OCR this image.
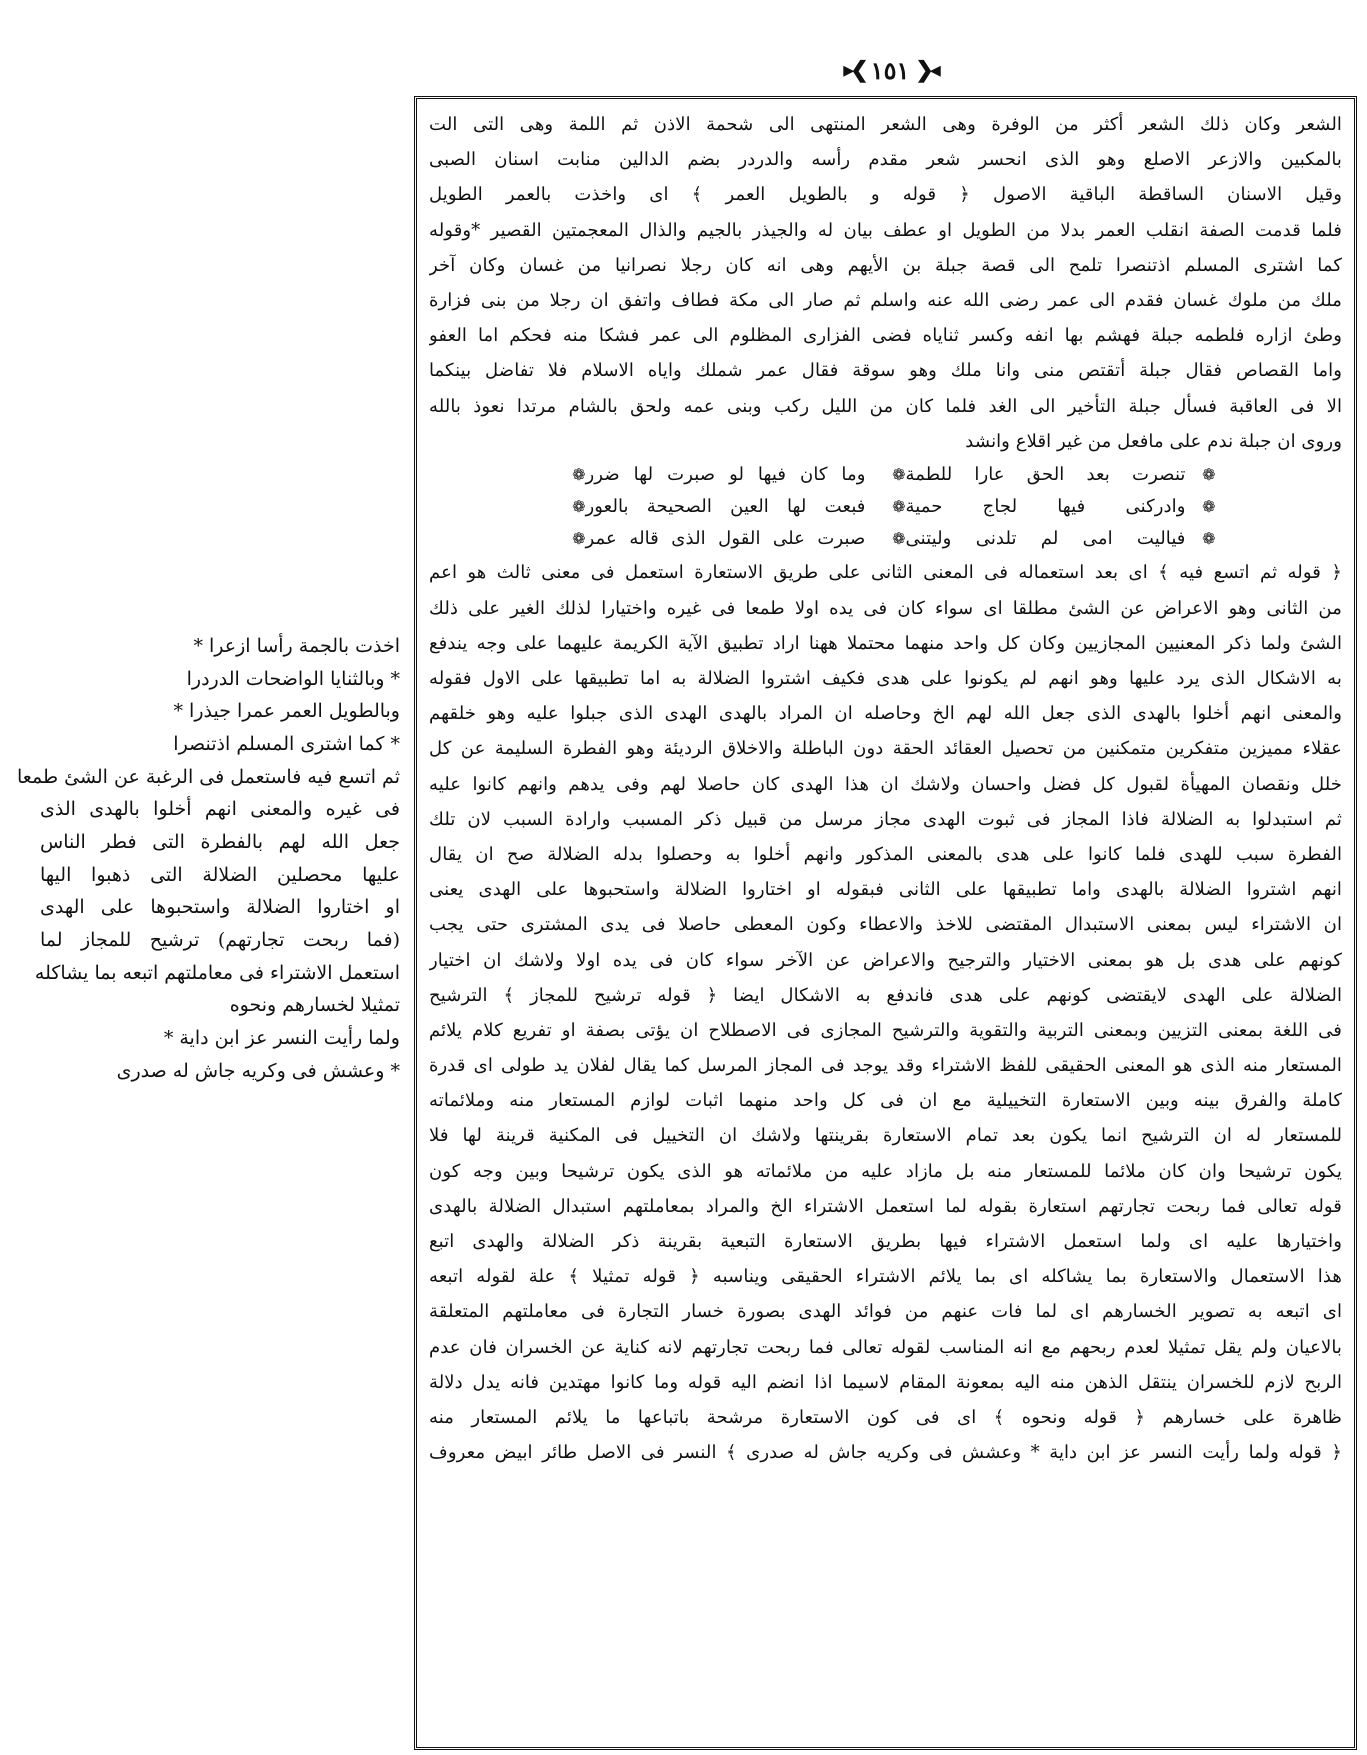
◂❮
١٥١
❯▸
الشعر وكان ذلك الشعر أكثر من الوفرة وهى الشعر المنتهى الى شحمة الاذن ثم اللمة وهى التى الت
بالمكبين والازعر الاصلع وهو الذى انحسر شعر مقدم رأسه والدردر بضم الدالين منابت اسنان الصبى
وقيل الاسنان الساقطة الباقية الاصول ﴿ قوله و بالطويل العمر ﴾ اى واخذت بالعمر الطويل
فلما قدمت الصفة انقلب العمر بدلا من الطويل او عطف بيان له والجيذر بالجيم والذال المعجمتين القصير *وقوله
كما اشترى المسلم اذتنصرا تلمح الى قصة جبلة بن الأيهم وهى انه كان رجلا نصرانيا من غسان وكان آخر
ملك من ملوك غسان فقدم الى عمر رضى الله عنه واسلم ثم صار الى مكة فطاف واتفق ان رجلا من بنى فزارة
وطئ ازاره فلطمه جبلة فهشم بها انفه وكسر ثناياه فضى الفزارى المظلوم الى عمر فشكا منه فحكم اما العفو
واما القصاص فقال جبلة أتقتص منى وانا ملك وهو سوقة فقال عمر شملك واياه الاسلام فلا تفاضل بينكما
الا فى العاقبة فسأل جبلة التأخير الى الغد فلما كان من الليل ركب وبنى عمه ولحق بالشام مرتدا نعوذ بالله
وروى ان جبلة ندم على مافعل من غير اقلاع وانشد
❁
تنصرت بعد الحق عارا للطمة
❁
وما كان فيها لو صبرت لها ضرر
❁
❁
وادركنى فيها لجاج حمية
❁
فبعت لها العين الصحيحة بالعور
❁
❁
فياليت امى لم تلدنى وليتنى
❁
صبرت على القول الذى قاله عمر
❁
﴿ قوله ثم اتسع فيه ﴾ اى بعد استعماله فى المعنى الثانى على طريق الاستعارة استعمل فى معنى ثالث هو اعم
من الثانى وهو الاعراض عن الشئ مطلقا اى سواء كان فى يده اولا طمعا فى غيره واختيارا لذلك الغير على ذلك
الشئ ولما ذكر المعنيين المجازيين وكان كل واحد منهما محتملا ههنا اراد تطبيق الآية الكريمة عليهما على وجه يندفع
به الاشكال الذى يرد عليها وهو انهم لم يكونوا على هدى فكيف اشتروا الضلالة به اما تطبيقها على الاول فقوله
والمعنى انهم أخلوا بالهدى الذى جعل الله لهم الخ وحاصله ان المراد بالهدى الهدى الذى جبلوا عليه وهو خلقهم
عقلاء مميزين متفكرين متمكنين من تحصيل العقائد الحقة دون الباطلة والاخلاق الرديئة وهو الفطرة السليمة عن كل
خلل ونقصان المهيأة لقبول كل فضل واحسان ولاشك ان هذا الهدى كان حاصلا لهم وفى يدهم وانهم كانوا عليه
ثم استبدلوا به الضلالة فاذا المجاز فى ثبوت الهدى مجاز مرسل من قبيل ذكر المسبب وارادة السبب لان تلك
الفطرة سبب للهدى فلما كانوا على هدى بالمعنى المذكور وانهم أخلوا به وحصلوا بدله الضلالة صح ان يقال
انهم اشتروا الضلالة بالهدى واما تطبيقها على الثانى فبقوله او اختاروا الضلالة واستحبوها على الهدى يعنى
ان الاشتراء ليس بمعنى الاستبدال المقتضى للاخذ والاعطاء وكون المعطى حاصلا فى يدى المشترى حتى يجب
كونهم على هدى بل هو بمعنى الاختيار والترجيح والاعراض عن الآخر سواء كان فى يده اولا ولاشك ان اختيار
الضلالة على الهدى لايقتضى كونهم على هدى فاندفع به الاشكال ايضا ﴿ قوله ترشيح للمجاز ﴾ الترشيح
فى اللغة بمعنى التزيين وبمعنى التربية والتقوية والترشيح المجازى فى الاصطلاح ان يؤتى بصفة او تفريع كلام يلائم
المستعار منه الذى هو المعنى الحقيقى للفظ الاشتراء وقد يوجد فى المجاز المرسل كما يقال لفلان يد طولى اى قدرة
كاملة والفرق بينه وبين الاستعارة التخييلية مع ان فى كل واحد منهما اثبات لوازم المستعار منه وملائماته
للمستعار له ان الترشيح انما يكون بعد تمام الاستعارة بقرينتها ولاشك ان التخييل فى المكنية قرينة لها فلا
يكون ترشيحا وان كان ملائما للمستعار منه بل مازاد عليه من ملائماته هو الذى يكون ترشيحا وبين وجه كون
قوله تعالى فما ربحت تجارتهم استعارة بقوله لما استعمل الاشتراء الخ والمراد بمعاملتهم استبدال الضلالة بالهدى
واختيارها عليه اى ولما استعمل الاشتراء فيها بطريق الاستعارة التبعية بقرينة ذكر الضلالة والهدى اتبع
هذا الاستعمال والاستعارة بما يشاكله اى بما يلائم الاشتراء الحقيقى ويناسبه ﴿ قوله تمثيلا ﴾ علة لقوله اتبعه
اى اتبعه به تصوير الخسارهم اى لما فات عنهم من فوائد الهدى بصورة خسار التجارة فى معاملتهم المتعلقة
بالاعيان ولم يقل تمثيلا لعدم ربحهم مع انه المناسب لقوله تعالى فما ربحت تجارتهم لانه كناية عن الخسران فان عدم
الربح لازم للخسران ينتقل الذهن منه اليه بمعونة المقام لاسيما اذا انضم اليه قوله وما كانوا مهتدين فانه يدل دلالة
ظاهرة على خسارهم ﴿ قوله ونحوه ﴾ اى فى كون الاستعارة مرشحة باتباعها ما يلائم المستعار منه
﴿ قوله ولما رأيت النسر عز ابن داية * وعشش فى وكريه جاش له صدرى ﴾ النسر فى الاصل طائر ابيض معروف
اخذت بالجمة رأسا ازعرا *
* وبالثنايا الواضحات الدردرا
وبالطويل العمر عمرا جيذرا *
* كما اشترى المسلم اذتنصرا
ثم اتسع فيه فاستعمل فى الرغبة عن الشئ طمعا
فى غيره والمعنى انهم أخلوا بالهدى الذى
جعل الله لهم بالفطرة التى فطر الناس
عليها محصلين الضلالة التى ذهبوا اليها
او اختاروا الضلالة واستحبوها على الهدى
(فما ربحت تجارتهم) ترشيح للمجاز لما
استعمل الاشتراء فى معاملتهم اتبعه بما يشاكله
تمثيلا لخسارهم ونحوه
ولما رأيت النسر عز ابن داية *
* وعشش فى وكريه جاش له صدرى
